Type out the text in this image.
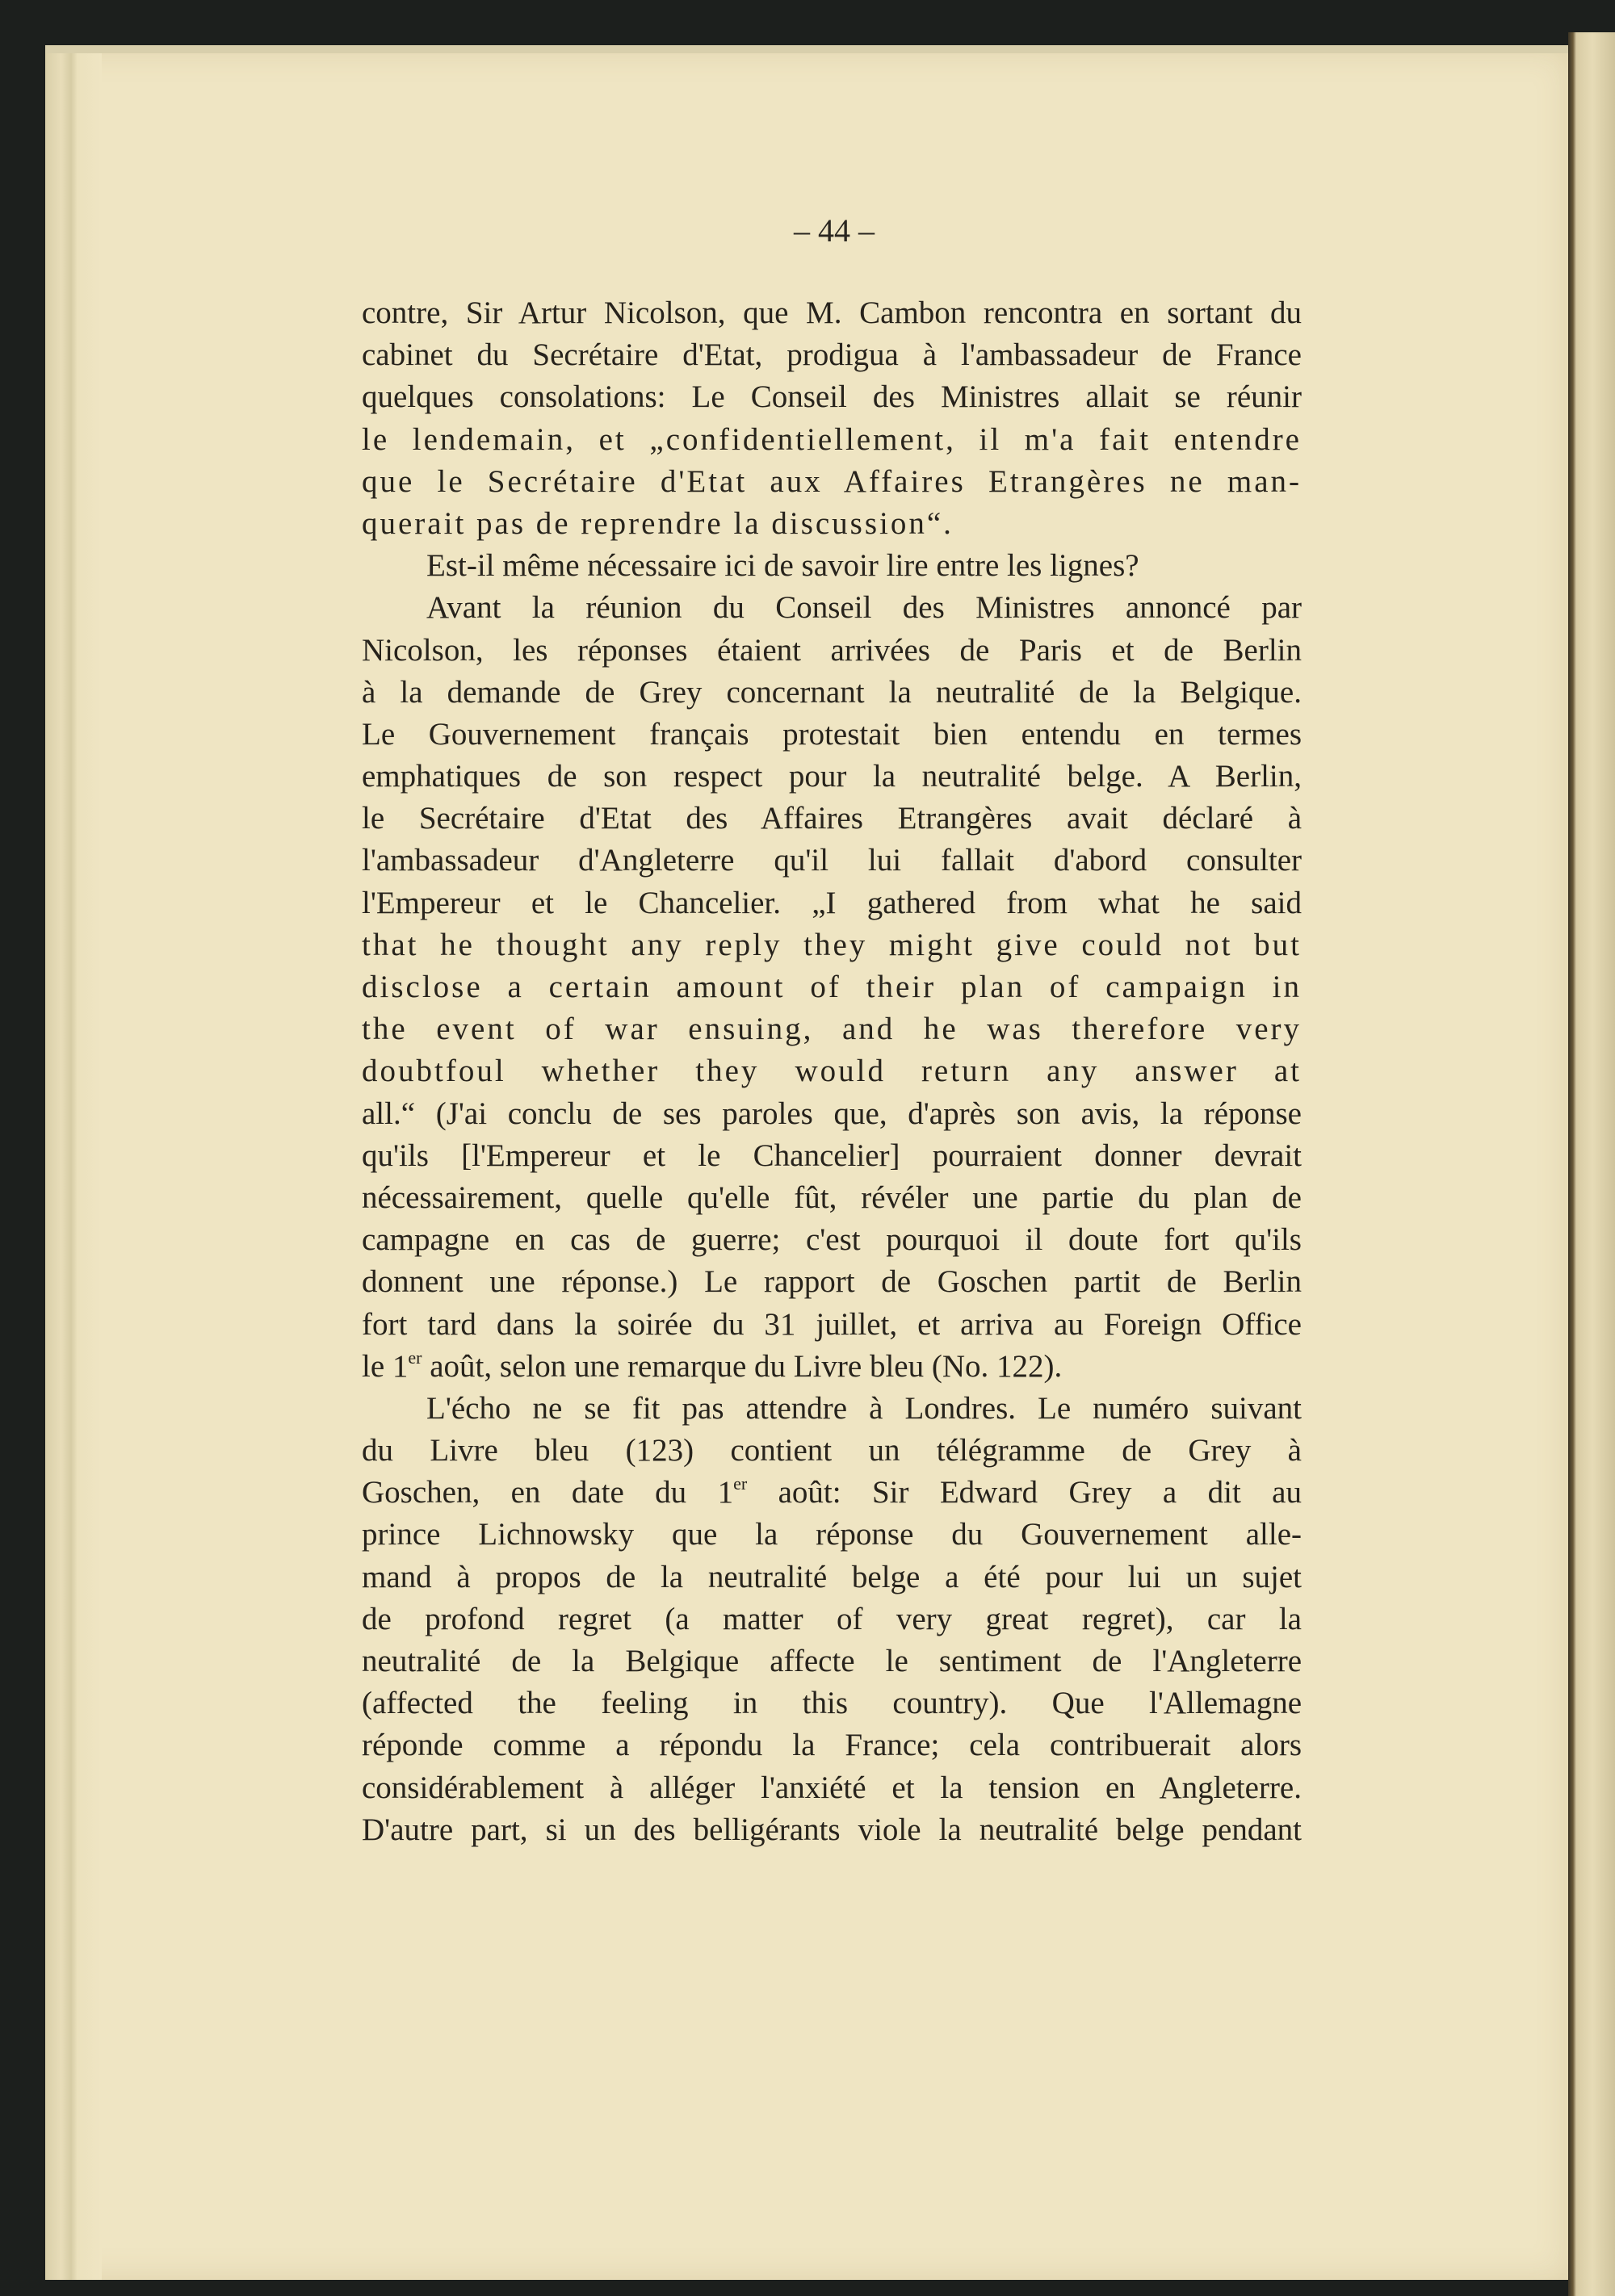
– 44 –
contre, Sir Artur Nicolson, que M. Cambon rencontra en sortant du
cabinet du Secrétaire d'Etat, prodigua à l'ambassadeur de France
quelques consolations: Le Conseil des Ministres allait se réunir
le lendemain, et „confidentiellement, il m'a fait entendre
que le Secrétaire d'Etat aux Affaires Etrangères ne man-
querait pas de reprendre la discussion“.
Est-il même nécessaire ici de savoir lire entre les lignes?
Avant la réunion du Conseil des Ministres annoncé par
Nicolson, les réponses étaient arrivées de Paris et de Berlin
à la demande de Grey concernant la neutralité de la Belgique.
Le Gouvernement français protestait bien entendu en termes
emphatiques de son respect pour la neutralité belge. A Berlin,
le Secrétaire d'Etat des Affaires Etrangères avait déclaré à
l'ambassadeur d'Angleterre qu'il lui fallait d'abord consulter
l'Empereur et le Chancelier. „I gathered from what he said
that he thought any reply they might give could not but
disclose a certain amount of their plan of campaign in
the event of war ensuing, and he was therefore very
doubtfoul whether they would return any answer at
all.“ (J'ai conclu de ses paroles que, d'après son avis, la réponse
qu'ils [l'Empereur et le Chancelier] pourraient donner devrait
nécessairement, quelle qu'elle fût, révéler une partie du plan de
campagne en cas de guerre; c'est pourquoi il doute fort qu'ils
donnent une réponse.) Le rapport de Goschen partit de Berlin
fort tard dans la soirée du 31 juillet, et arriva au Foreign Office
le 1er août, selon une remarque du Livre bleu (No. 122).
L'écho ne se fit pas attendre à Londres. Le numéro suivant
du Livre bleu (123) contient un télégramme de Grey à
Goschen, en date du 1er août: Sir Edward Grey a dit au
prince Lichnowsky que la réponse du Gouvernement alle-
mand à propos de la neutralité belge a été pour lui un sujet
de profond regret (a matter of very great regret), car la
neutralité de la Belgique affecte le sentiment de l'Angleterre
(affected the feeling in this country). Que l'Allemagne
réponde comme a répondu la France; cela contribuerait alors
considérablement à alléger l'anxiété et la tension en Angleterre.
D'autre part, si un des belligérants viole la neutralité belge pendant
